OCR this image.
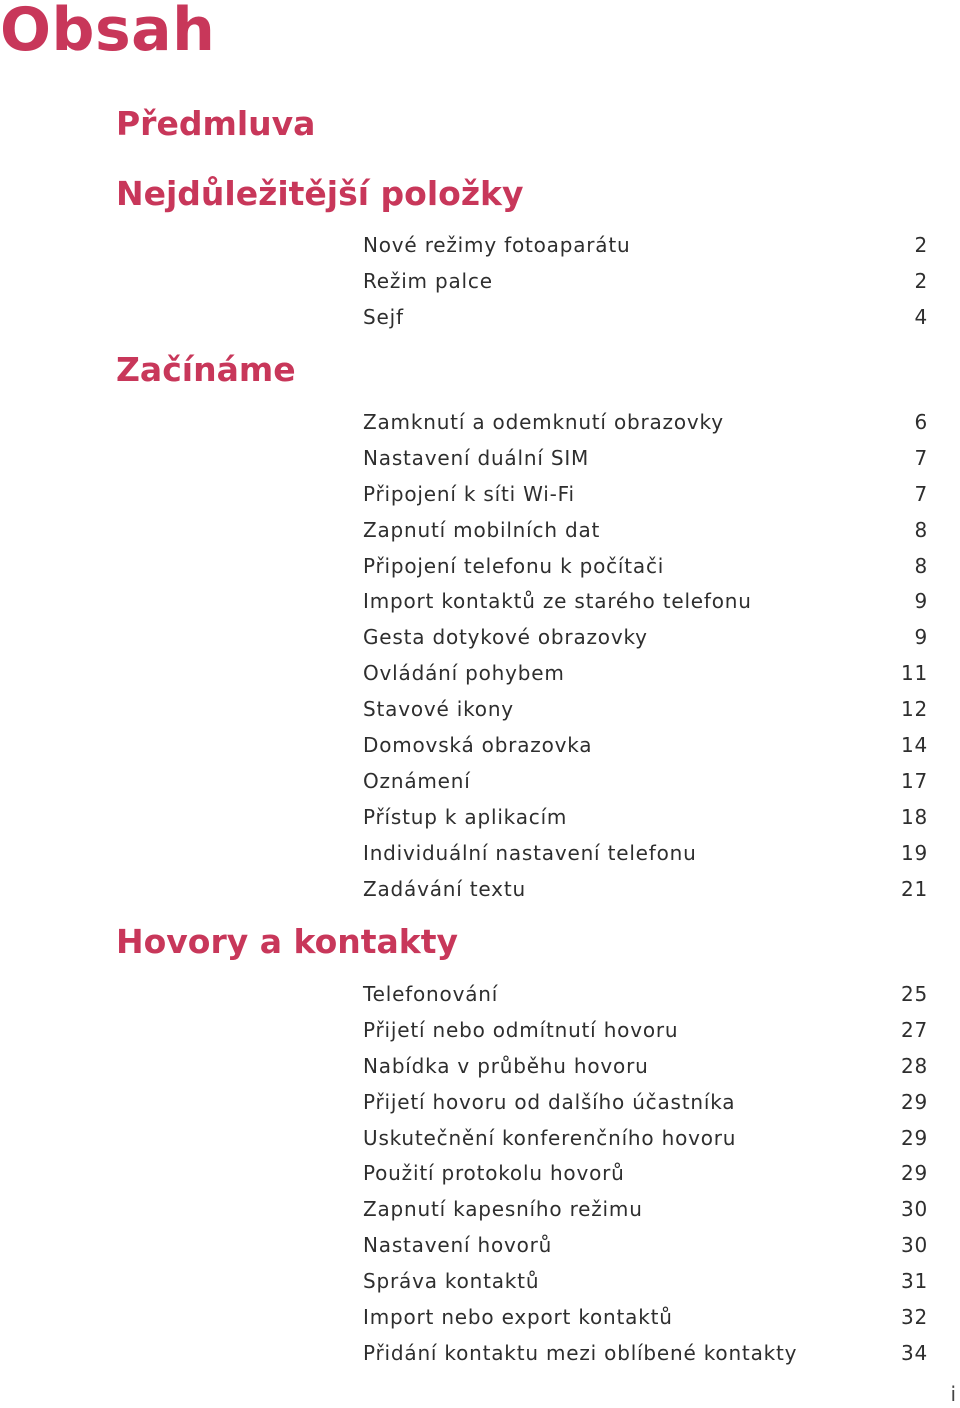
Obsah
Předmluva
Nejdůležitější položky
Nové režimy fotoaparátu	2
Režim palce	2
Sejf	4
Začínáme
Zamknutí a odemknutí obrazovky	6
Nastavení duální SIM	7
Připojení k síti Wi-Fi	7
Zapnutí mobilních dat	8
Připojení telefonu k počítači	8
Import kontaktů ze starého telefonu	9
Gesta dotykové obrazovky	9
Ovládání pohybem	11
Stavové ikony	12
Domovská obrazovka	14
Oznámení	17
Přístup k aplikacím	18
Individuální nastavení telefonu	19
Zadávání textu	21
Hovory a kontakty
Telefonování	25
Přijetí nebo odmítnutí hovoru	27
Nabídka v průběhu hovoru	28
Přijetí hovoru od dalšího účastníka	29
Uskutečnění konferenčního hovoru	29
Použití protokolu hovorů	29
Zapnutí kapesního režimu	30
Nastavení hovorů	30
Správa kontaktů	31
Import nebo export kontaktů	32
Přidání kontaktu mezi oblíbené kontakty	34
i
